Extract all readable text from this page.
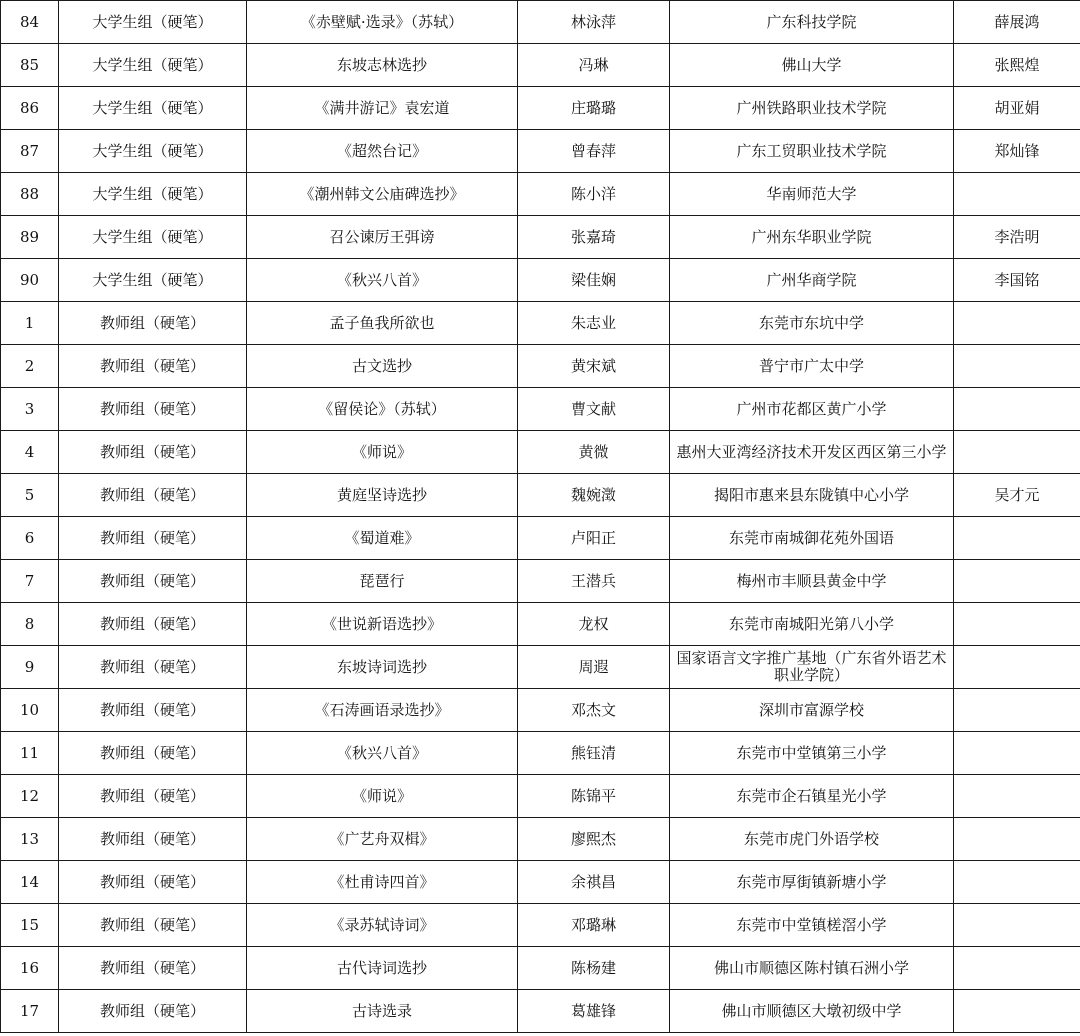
84	大学生组（硬笔）	《赤壁赋·选录》（苏轼）	林泳萍	广东科技学院	薛展鸿
85	大学生组（硬笔）	东坡志林选抄	冯琳	佛山大学	张熙煌
86	大学生组（硬笔）	《满井游记》袁宏道	庄璐璐	广州铁路职业技术学院	胡亚娟
87	大学生组（硬笔）	《超然台记》	曾春萍	广东工贸职业技术学院	郑灿锋
88	大学生组（硬笔）	《潮州韩文公庙碑选抄》	陈小洋	华南师范大学	
89	大学生组（硬笔）	召公谏厉王弭谤	张嘉琦	广州东华职业学院	李浩明
90	大学生组（硬笔）	《秋兴八首》	梁佳娴	广州华商学院	李国铭
1	教师组（硬笔）	孟子鱼我所欲也	朱志业	东莞市东坑中学	
2	教师组（硬笔）	古文选抄	黄宋斌	普宁市广太中学	
3	教师组（硬笔）	《留侯论》（苏轼）	曹文献	广州市花都区黄广小学	
4	教师组（硬笔）	《师说》	黄微	惠州大亚湾经济技术开发区西区第三小学	
5	教师组（硬笔）	黄庭坚诗选抄	魏婉澂	揭阳市惠来县东陇镇中心小学	吴才元
6	教师组（硬笔）	《蜀道难》	卢阳正	东莞市南城御花苑外国语	
7	教师组（硬笔）	琵琶行	王潜兵	梅州市丰顺县黄金中学	
8	教师组（硬笔）	《世说新语选抄》	龙权	东莞市南城阳光第八小学	
9	教师组（硬笔）	东坡诗词选抄	周遐	国家语言文字推广基地（广东省外语艺术职业学院）	
10	教师组（硬笔）	《石涛画语录选抄》	邓杰文	深圳市富源学校	
11	教师组（硬笔）	《秋兴八首》	熊钰清	东莞市中堂镇第三小学	
12	教师组（硬笔）	《师说》	陈锦平	东莞市企石镇星光小学	
13	教师组（硬笔）	《广艺舟双楫》	廖熙杰	东莞市虎门外语学校	
14	教师组（硬笔）	《杜甫诗四首》	余祺昌	东莞市厚街镇新塘小学	
15	教师组（硬笔）	《录苏轼诗词》	邓璐琳	东莞市中堂镇槎滘小学	
16	教师组（硬笔）	古代诗词选抄	陈杨建	佛山市顺德区陈村镇石洲小学	
17	教师组（硬笔）	古诗选录	葛雄锋	佛山市顺德区大墩初级中学	
